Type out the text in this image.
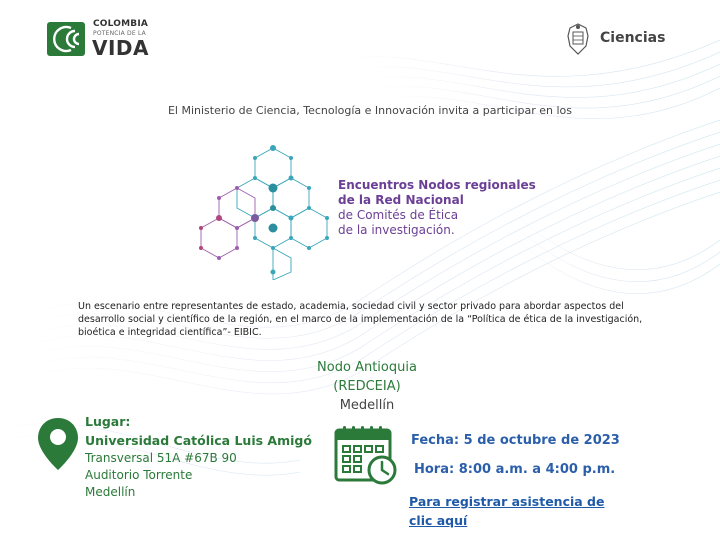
COLOMBIA
POTENCIA DE LA
VIDA	Ciencias
El Ministerio de Ciencia, Tecnología e Innovación invita a participar en los
Encuentros Nodos regionales
de la Red Nacional
de Comités de Ética
de la investigación.
Un escenario entre representantes de estado, academia, sociedad civil y sector privado para abordar aspectos del desarrollo social y científico de la región, en el marco de la implementación de la “Política de ética de la investigación, bioética e integridad científica”- EIBIC.
Nodo Antioquia
(REDCEIA)
Medellín
Lugar:
Universidad Católica Luis Amigó
Transversal 51A #67B 90
Auditorio Torrente
Medellín
Fecha: 5 de octubre de 2023
Hora: 8:00 a.m. a 4:00 p.m.
Para registrar asistencia de
clic aquí
